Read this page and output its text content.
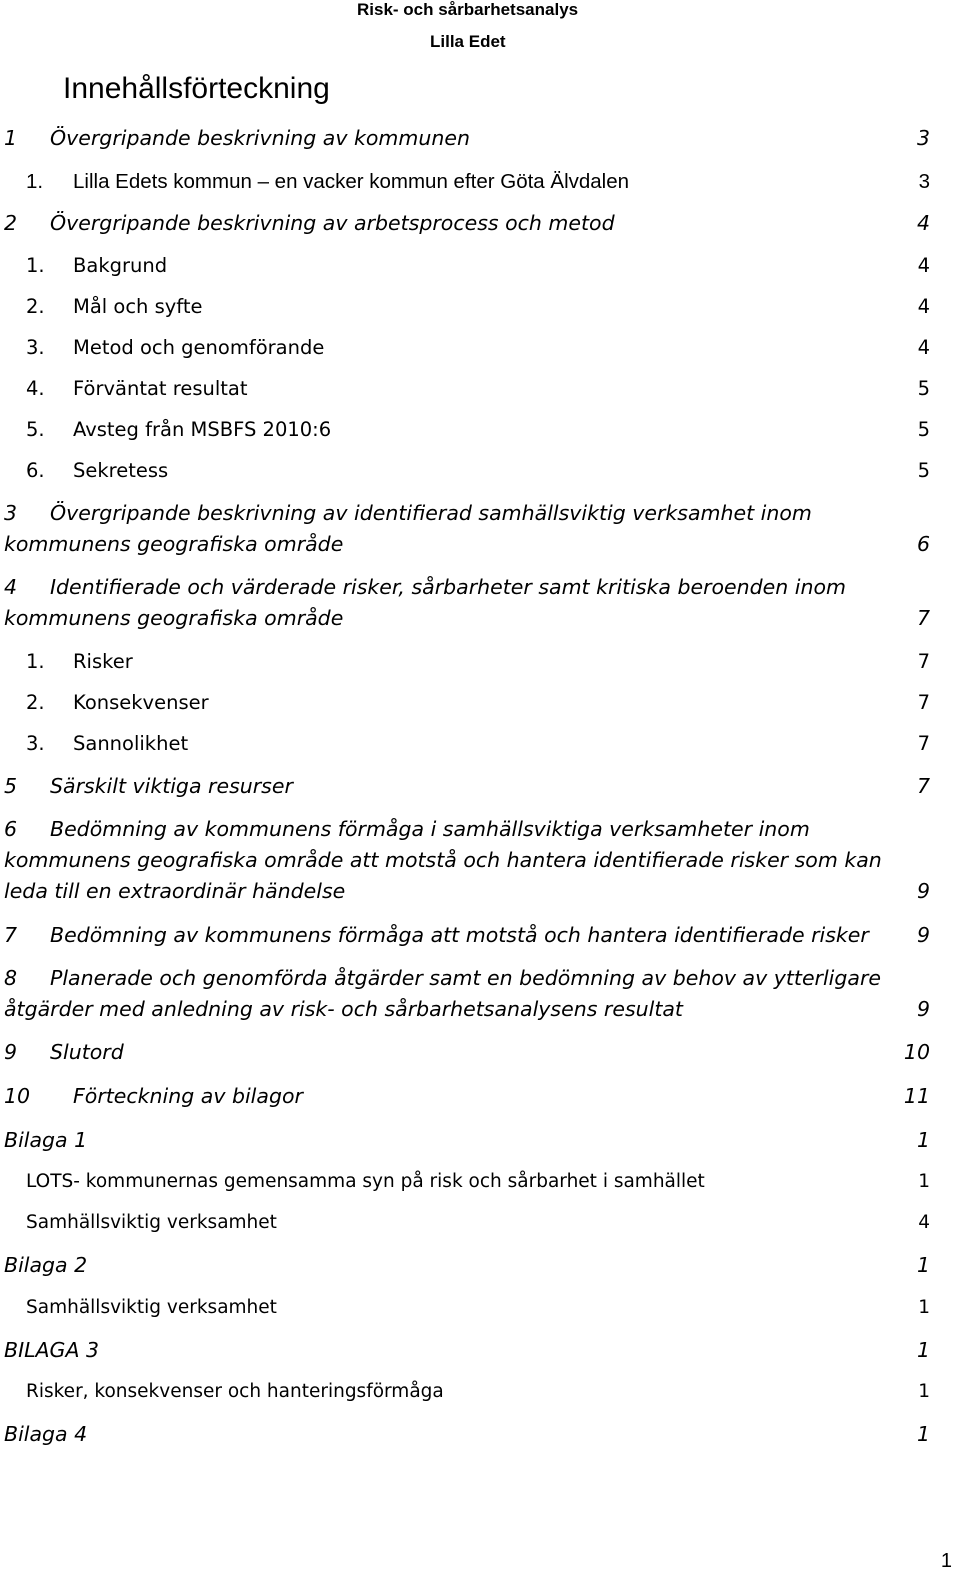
Risk- och sårbarhetsanalys
Lilla Edet
Innehållsförteckning
1 Övergripande beskrivning av kommunen	3
1. Lilla Edets kommun – en vacker kommun efter Göta Älvdalen	3
2 Övergripande beskrivning av arbetsprocess och metod	4
1. Bakgrund	4
2. Mål och syfte	4
3. Metod och genomförande	4
4. Förväntat resultat	5
5. Avsteg från MSBFS 2010:6	5
6. Sekretess	5
3 Övergripande beskrivning av identifierad samhällsviktig verksamhet inom
kommunens geografiska område	6
4 Identifierade och värderade risker, sårbarheter samt kritiska beroenden inom
kommunens geografiska område	7
1. Risker	7
2. Konsekvenser	7
3. Sannolikhet	7
5 Särskilt viktiga resurser	7
6 Bedömning av kommunens förmåga i samhällsviktiga verksamheter inom
kommunens geografiska område att motstå och hantera identifierade risker som kan
leda till en extraordinär händelse	9
7 Bedömning av kommunens förmåga att motstå och hantera identifierade risker 9
8 Planerade och genomförda åtgärder samt en bedömning av behov av ytterligare
åtgärder med anledning av risk- och sårbarhetsanalysens resultat	9
9 Slutord	10
10 Förteckning av bilagor	11
Bilaga 1	1
LOTS- kommunernas gemensamma syn på risk och sårbarhet i samhället	1
Samhällsviktig verksamhet	4
Bilaga 2	1
Samhällsviktig verksamhet	1
BILAGA 3	1
Risker, konsekvenser och hanteringsförmåga	1
Bilaga 4	1
1
